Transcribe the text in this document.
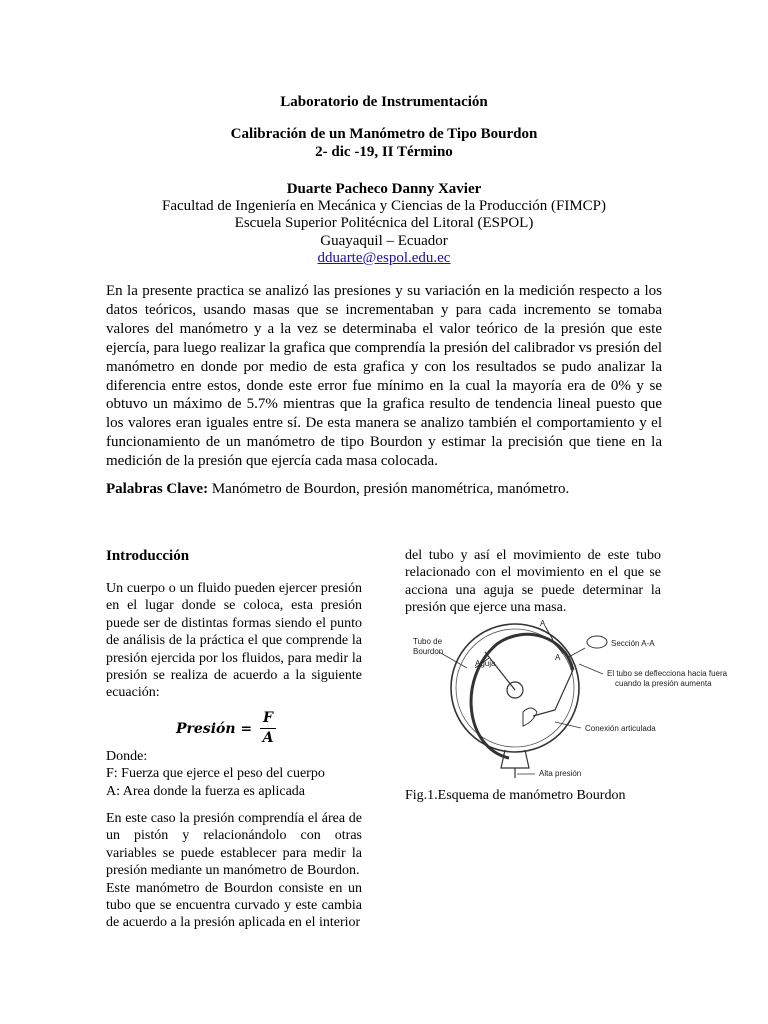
Laboratorio de Instrumentación
Calibración de un Manómetro de Tipo Bourdon
2- dic -19, II Término
Duarte Pacheco Danny Xavier
Facultad de Ingeniería en Mecánica y Ciencias de la Producción (FIMCP)
Escuela Superior Politécnica del Litoral (ESPOL)
Guayaquil – Ecuador
dduarte@espol.edu.ec

En la presente practica se analizó las presiones y su variación en la medición respecto a los datos teóricos, usando masas que se incrementaban y para cada incremento se tomaba valores del manómetro y a la vez se determinaba el valor teórico de la presión que este ejercía, para luego realizar la grafica que comprendía la presión del calibrador vs presión del manómetro en donde por medio de esta grafica y con los resultados se pudo analizar la diferencia entre estos, donde este error fue mínimo en la cual la mayoría era de 0% y se obtuvo un máximo de 5.7% mientras que la grafica resulto de tendencia lineal puesto que los valores eran iguales entre sí. De esta manera se analizo también el comportamiento y el funcionamiento de un manómetro de tipo Bourdon y estimar la precisión que tiene en la medición de la presión que ejercía cada masa colocada.

Palabras Clave: Manómetro de Bourdon, presión manométrica, manómetro.

Introducción

Un cuerpo o un fluido pueden ejercer presión en el lugar donde se coloca, esta presión puede ser de distintas formas siendo el punto de análisis de la práctica el que comprende la presión ejercida por los fluidos, para medir la presión se realiza de acuerdo a la siguiente ecuación:

Presión =
F
A
Donde:
F: Fuerza que ejerce el peso del cuerpo
A: Area donde la fuerza es aplicada

En este caso la presión comprendía el área de un pistón y relacionándolo con otras variables se puede establecer para medir la presión mediante un manómetro de Bourdon.

Este manómetro de Bourdon consiste en un tubo que se encuentra curvado y este cambia de acuerdo a la presión aplicada en el interior

del tubo y así el movimiento de este tubo relacionado con el movimiento en el que se acciona una aguja se puede determinar la presión que ejerce una masa.

Tubo de
Bourdon
Aguja
A
A
Sección A-A
El tubo se deflecciona hacia fuera
cuando la presión aumenta
Conexión articulada
Alta presión

Fig.1.Esquema de manómetro Bourdon
